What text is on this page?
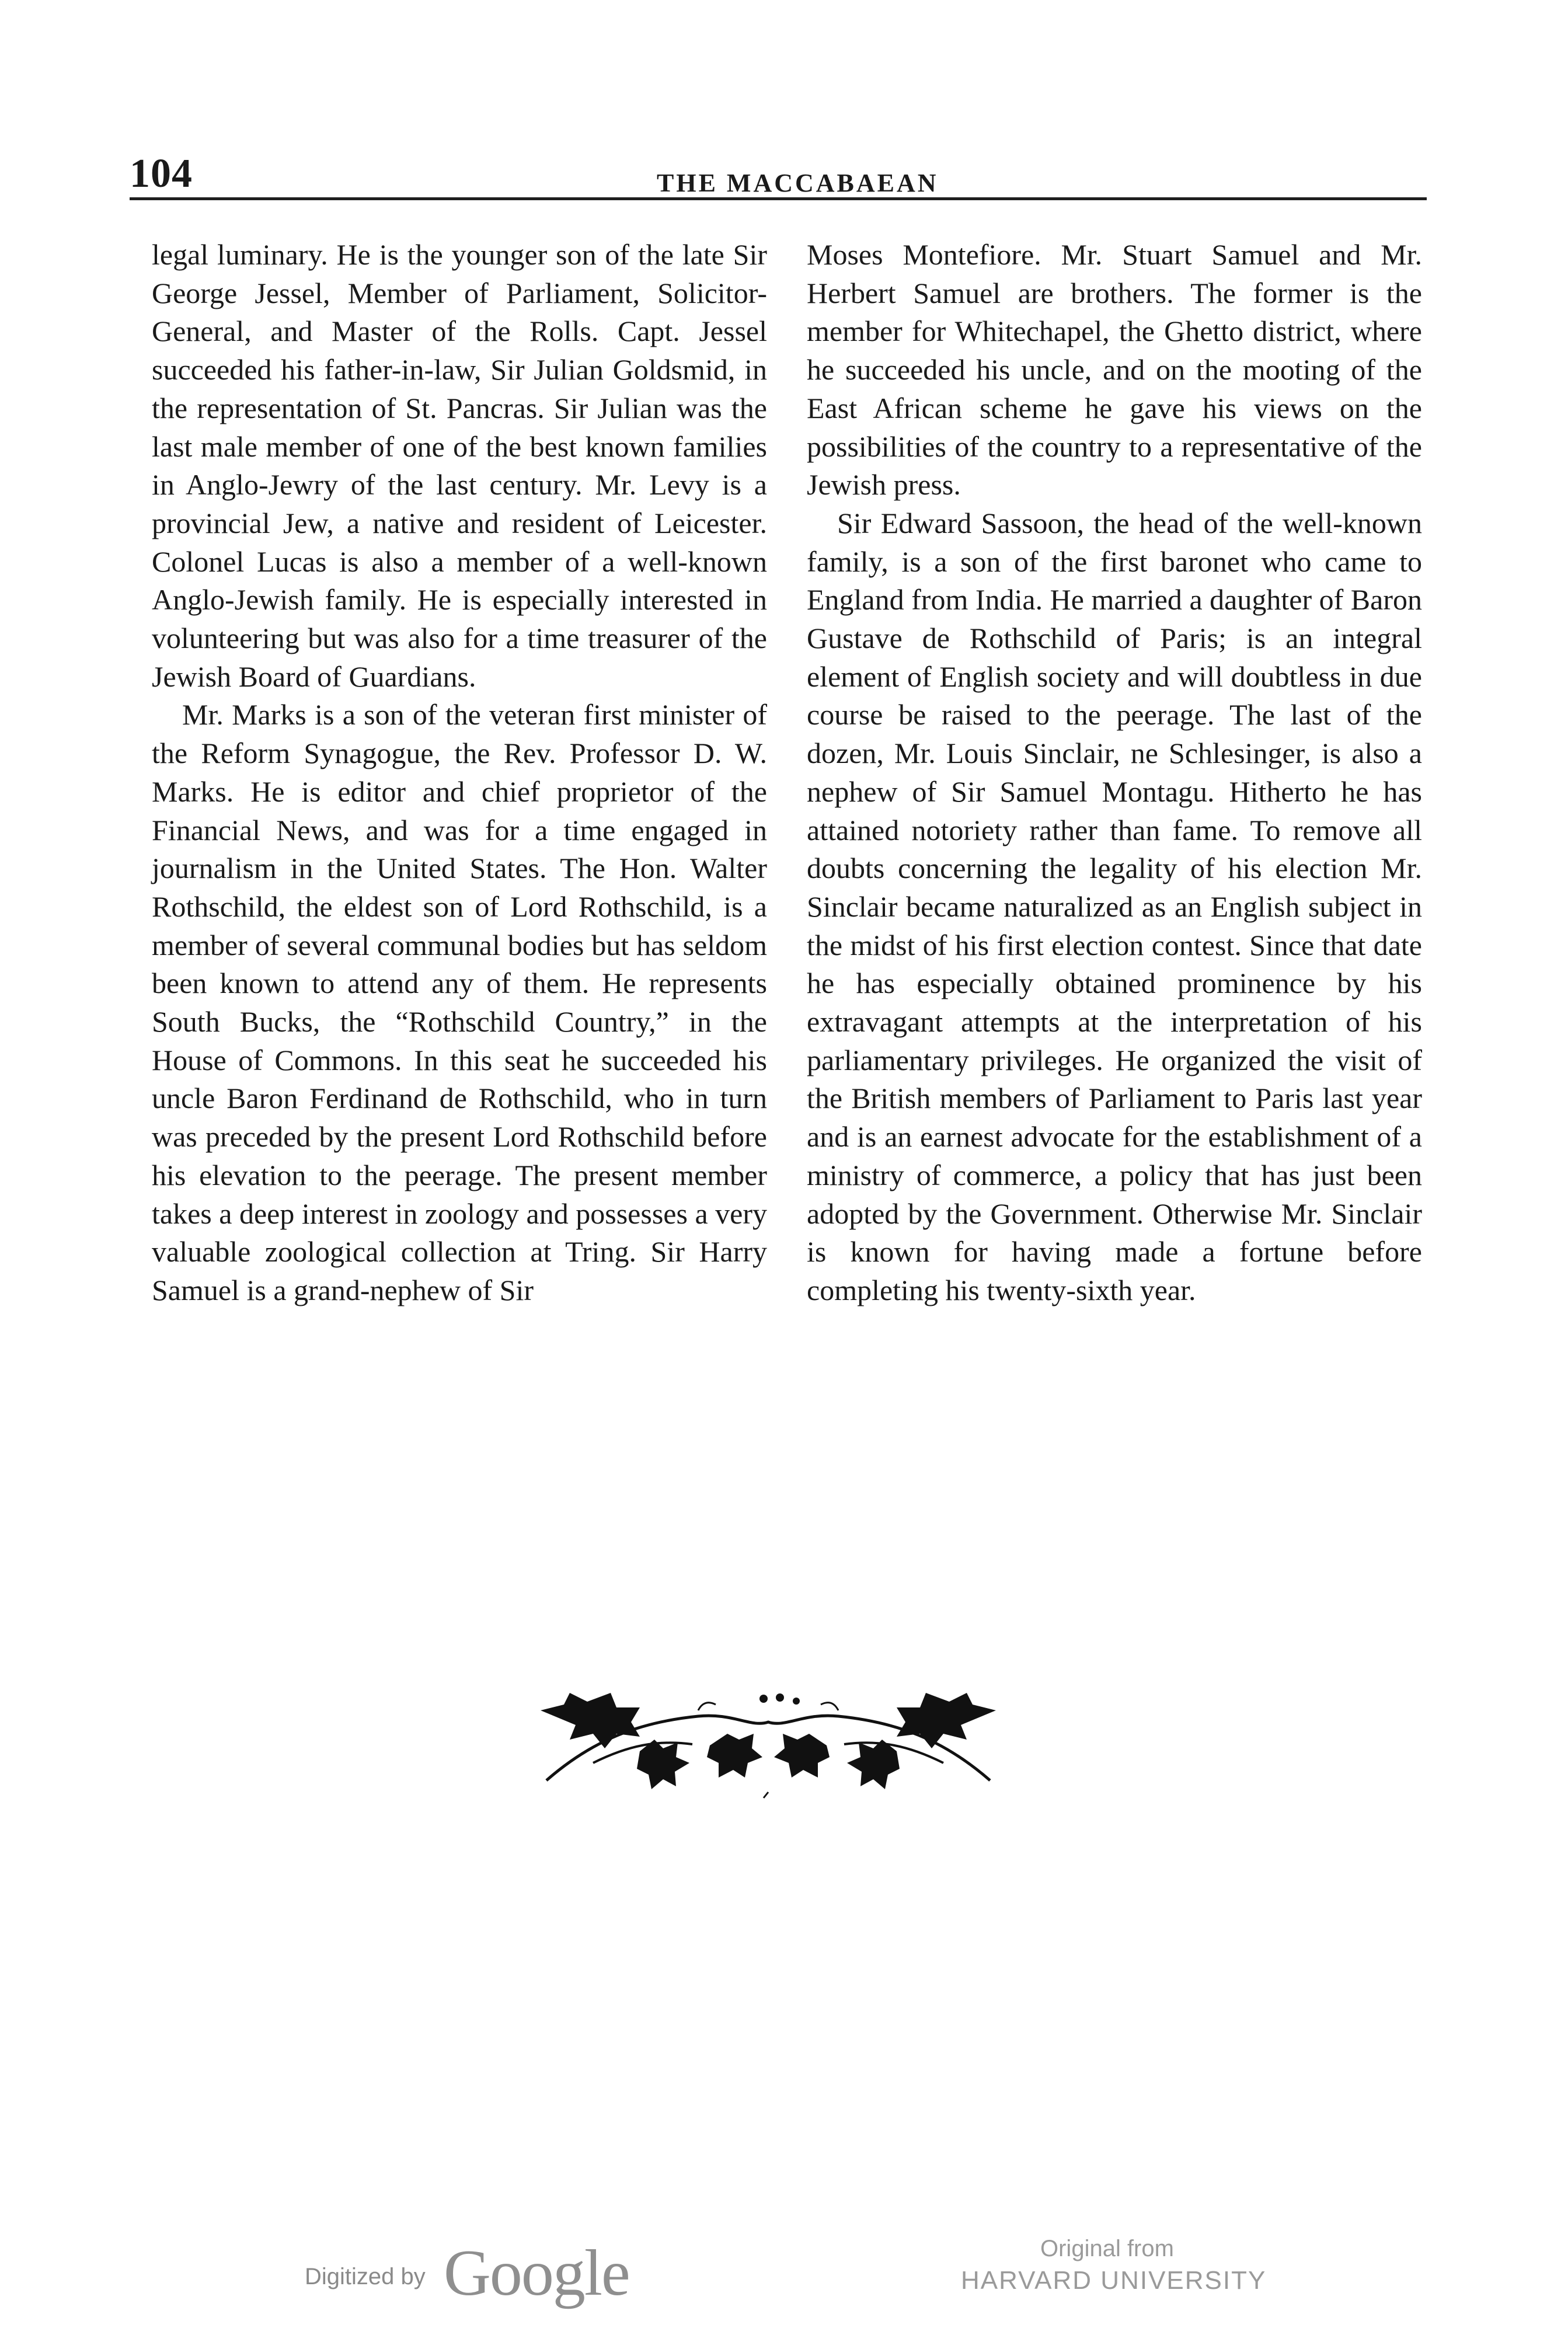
104	THE MACCABAEAN

legal luminary. He is the younger son of the late Sir George Jessel, Member of Parliament, Solicitor-General, and Master of the Rolls. Capt. Jessel succeeded his father-in-law, Sir Julian Goldsmid, in the representation of St. Pancras. Sir Julian was the last male member of one of the best known families in Anglo-Jewry of the last century. Mr. Levy is a provincial Jew, a native and resident of Leicester. Colonel Lucas is also a member of a well-known Anglo-Jewish family. He is especially interested in volunteering but was also for a time treasurer of the Jewish Board of Guardians.

Mr. Marks is a son of the veteran first minister of the Reform Synagogue, the Rev. Professor D. W. Marks. He is editor and chief proprietor of the Financial News, and was for a time engaged in journalism in the United States. The Hon. Walter Rothschild, the eldest son of Lord Rothschild, is a member of several communal bodies but has seldom been known to attend any of them. He represents South Bucks, the “Rothschild Country,” in the House of Commons. In this seat he succeeded his uncle Baron Ferdinand de Rothschild, who in turn was preceded by the present Lord Rothschild before his elevation to the peerage. The present member takes a deep interest in zoology and possesses a very valuable zoological collection at Tring. Sir Harry Samuel is a grand-nephew of Sir

Moses Montefiore. Mr. Stuart Samuel and Mr. Herbert Samuel are brothers. The former is the member for Whitechapel, the Ghetto district, where he succeeded his uncle, and on the mooting of the East African scheme he gave his views on the possibilities of the country to a representative of the Jewish press.

Sir Edward Sassoon, the head of the well-known family, is a son of the first baronet who came to England from India. He married a daughter of Baron Gustave de Rothschild of Paris; is an integral element of English society and will doubtless in due course be raised to the peerage. The last of the dozen, Mr. Louis Sinclair, ne Schlesinger, is also a nephew of Sir Samuel Montagu. Hitherto he has attained notoriety rather than fame. To remove all doubts concerning the legality of his election Mr. Sinclair became naturalized as an English subject in the midst of his first election contest. Since that date he has especially obtained prominence by his extravagant attempts at the interpretation of his parliamentary privileges. He organized the visit of the British members of Parliament to Paris last year and is an earnest advocate for the establishment of a ministry of commerce, a policy that has just been adopted by the Government. Otherwise Mr. Sinclair is known for having made a fortune before completing his twenty-sixth year.

Digitized by Google	Original from
HARVARD UNIVERSITY
